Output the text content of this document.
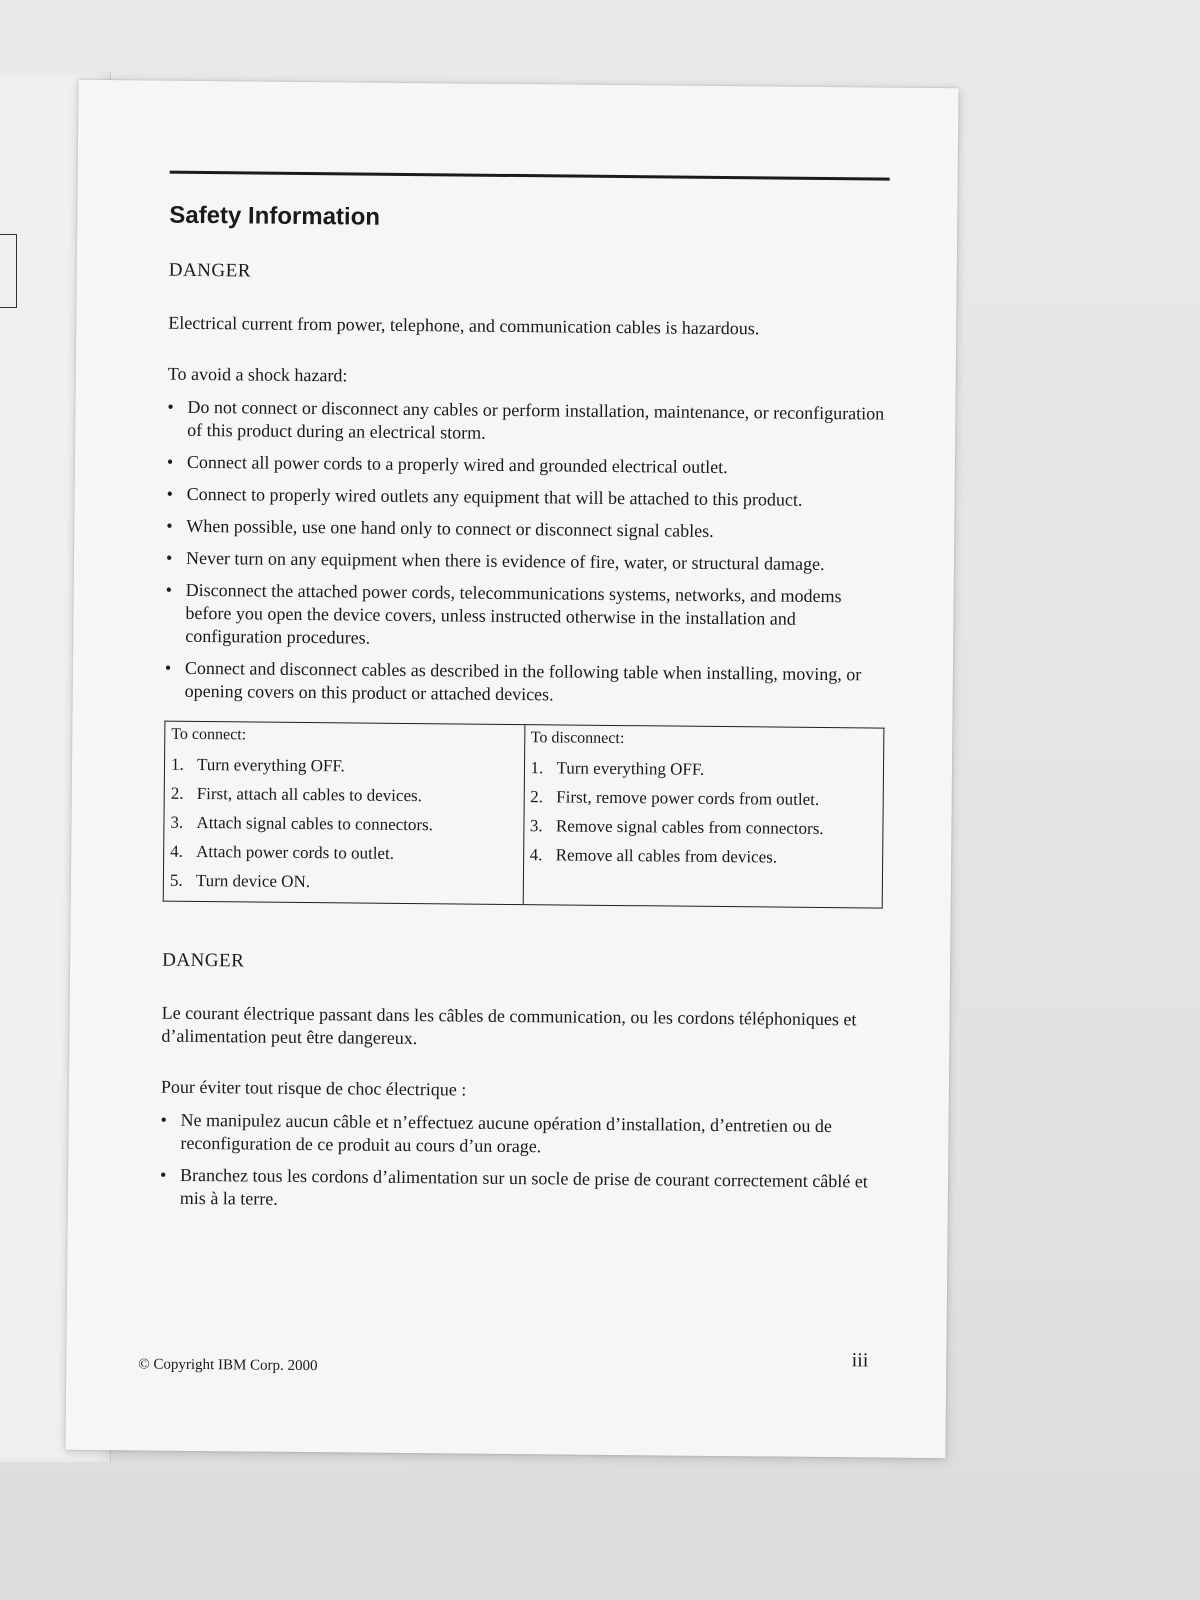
Safety Information
DANGER
Electrical current from power, telephone, and communication cables is hazardous.
To avoid a shock hazard:
• Do not connect or disconnect any cables or perform installation, maintenance, or reconfiguration of this product during an electrical storm.
• Connect all power cords to a properly wired and grounded electrical outlet.
• Connect to properly wired outlets any equipment that will be attached to this product.
• When possible, use one hand only to connect or disconnect signal cables.
• Never turn on any equipment when there is evidence of fire, water, or structural damage.
• Disconnect the attached power cords, telecommunications systems, networks, and modems before you open the device covers, unless instructed otherwise in the installation and configuration procedures.
• Connect and disconnect cables as described in the following table when installing, moving, or opening covers on this product or attached devices.
To connect:
1. Turn everything OFF.
2. First, attach all cables to devices.
3. Attach signal cables to connectors.
4. Attach power cords to outlet.
5. Turn device ON.

To disconnect:
1. Turn everything OFF.
2. First, remove power cords from outlet.
3. Remove signal cables from connectors.
4. Remove all cables from devices.
DANGER
Le courant électrique passant dans les câbles de communication, ou les cordons téléphoniques et d’alimentation peut être dangereux.
Pour éviter tout risque de choc électrique :
• Ne manipulez aucun câble et n’effectuez aucune opération d’installation, d’entretien ou de reconfiguration de ce produit au cours d’un orage.
• Branchez tous les cordons d’alimentation sur un socle de prise de courant correctement câblé et mis à la terre.
© Copyright IBM Corp. 2000	iii
